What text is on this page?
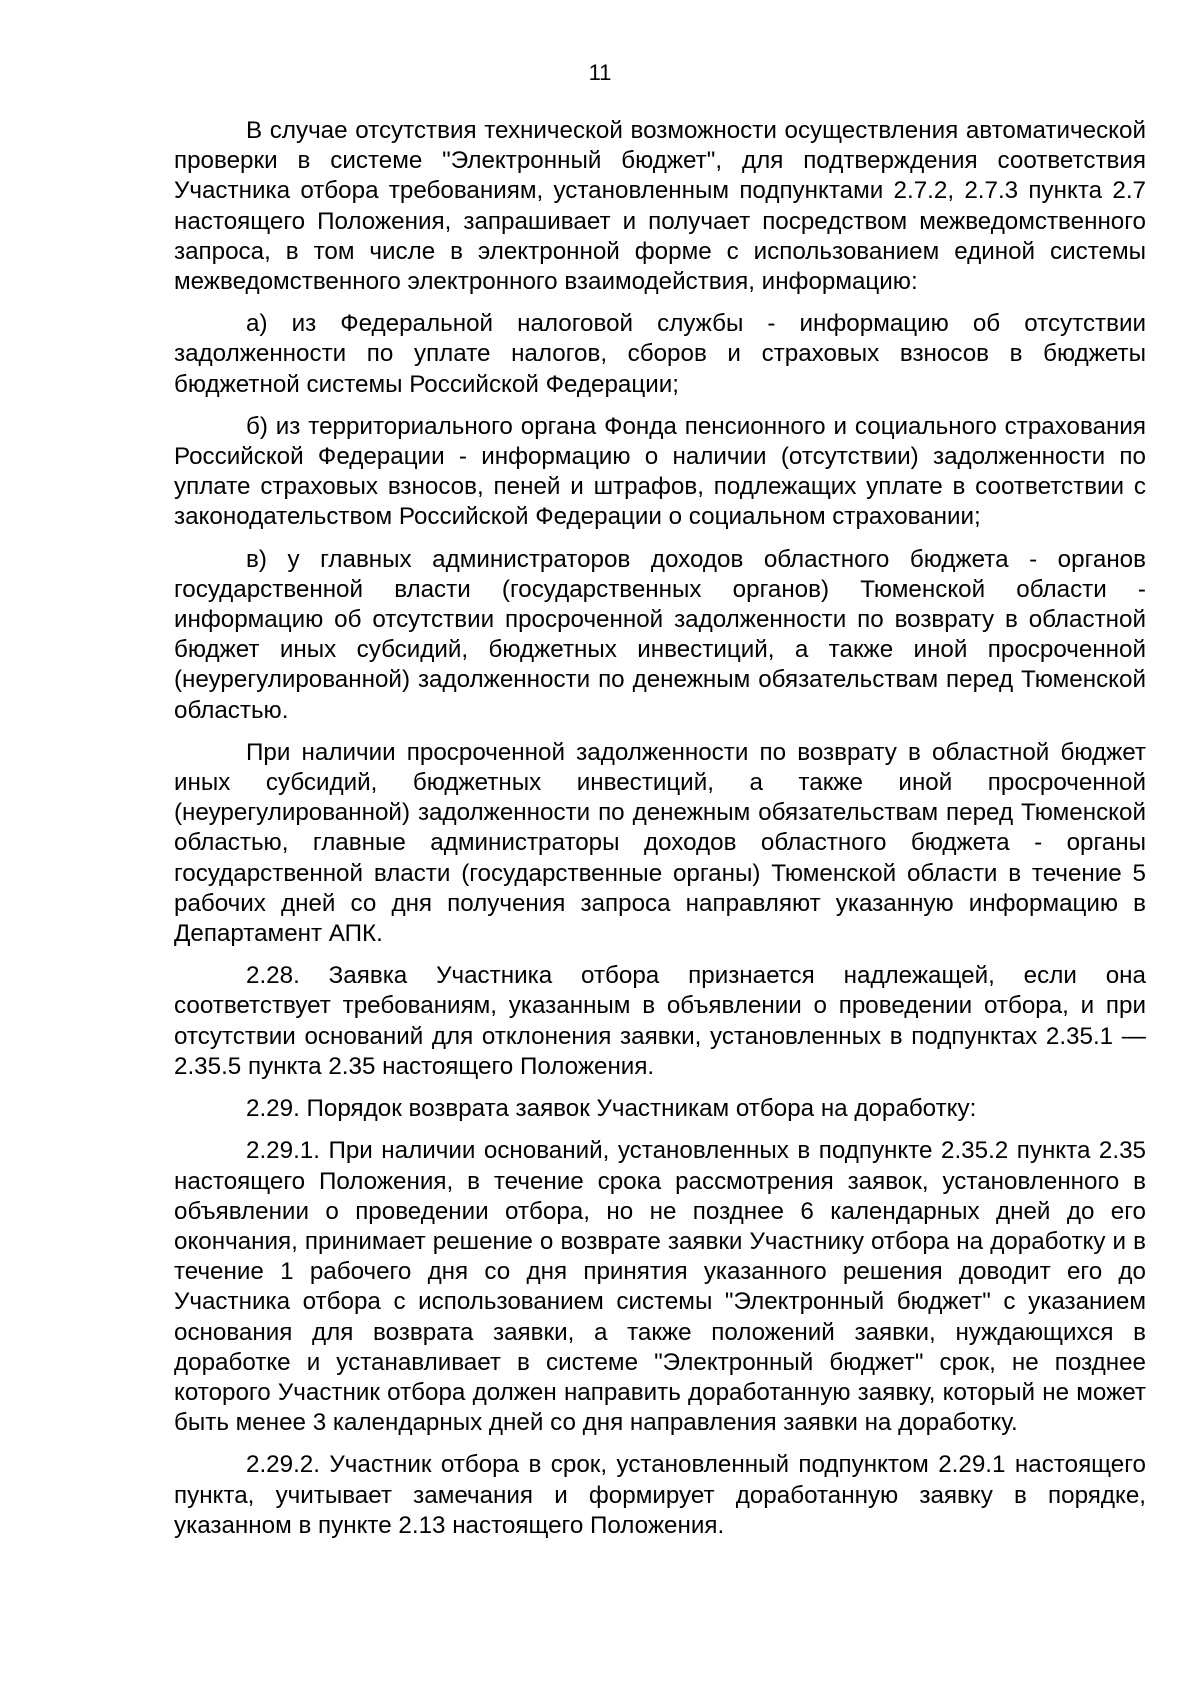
11

В случае отсутствия технической возможности осуществления автоматической проверки в системе "Электронный бюджет", для подтверждения соответствия Участника отбора требованиям, установленным подпунктами 2.7.2, 2.7.3 пункта 2.7 настоящего Положения, запрашивает и получает посредством межведомственного запроса, в том числе в электронной форме с использованием единой системы межведомственного электронного взаимодействия, информацию:

а) из Федеральной налоговой службы - информацию об отсутствии задолженности по уплате налогов, сборов и страховых взносов в бюджеты бюджетной системы Российской Федерации;

б) из территориального органа Фонда пенсионного и социального страхования Российской Федерации - информацию о наличии (отсутствии) задолженности по уплате страховых взносов, пеней и штрафов, подлежащих уплате в соответствии с законодательством Российской Федерации о социальном страховании;

в) у главных администраторов доходов областного бюджета - органов государственной власти (государственных органов) Тюменской области - информацию об отсутствии просроченной задолженности по возврату в областной бюджет иных субсидий, бюджетных инвестиций, а также иной просроченной (неурегулированной) задолженности по денежным обязательствам перед Тюменской областью.

При наличии просроченной задолженности по возврату в областной бюджет иных субсидий, бюджетных инвестиций, а также иной просроченной (неурегулированной) задолженности по денежным обязательствам перед Тюменской областью, главные администраторы доходов областного бюджета - органы государственной власти (государственные органы) Тюменской области в течение 5 рабочих дней со дня получения запроса направляют указанную информацию в Департамент АПК.

2.28. Заявка Участника отбора признается надлежащей, если она соответствует требованиям, указанным в объявлении о проведении отбора, и при отсутствии оснований для отклонения заявки, установленных в подпунктах 2.35.1 — 2.35.5 пункта 2.35 настоящего Положения.

2.29. Порядок возврата заявок Участникам отбора на доработку:

2.29.1. При наличии оснований, установленных в подпункте 2.35.2 пункта 2.35 настоящего Положения, в течение срока рассмотрения заявок, установленного в объявлении о проведении отбора, но не позднее 6 календарных дней до его окончания, принимает решение о возврате заявки Участнику отбора на доработку и в течение 1 рабочего дня со дня принятия указанного решения доводит его до Участника отбора с использованием системы "Электронный бюджет" с указанием основания для возврата заявки, а также положений заявки, нуждающихся в доработке и устанавливает в системе "Электронный бюджет" срок, не позднее которого Участник отбора должен направить доработанную заявку, который не может быть менее 3 календарных дней со дня направления заявки на доработку.

2.29.2. Участник отбора в срок, установленный подпунктом 2.29.1 настоящего пункта, учитывает замечания и формирует доработанную заявку в порядке, указанном в пункте 2.13 настоящего Положения.
